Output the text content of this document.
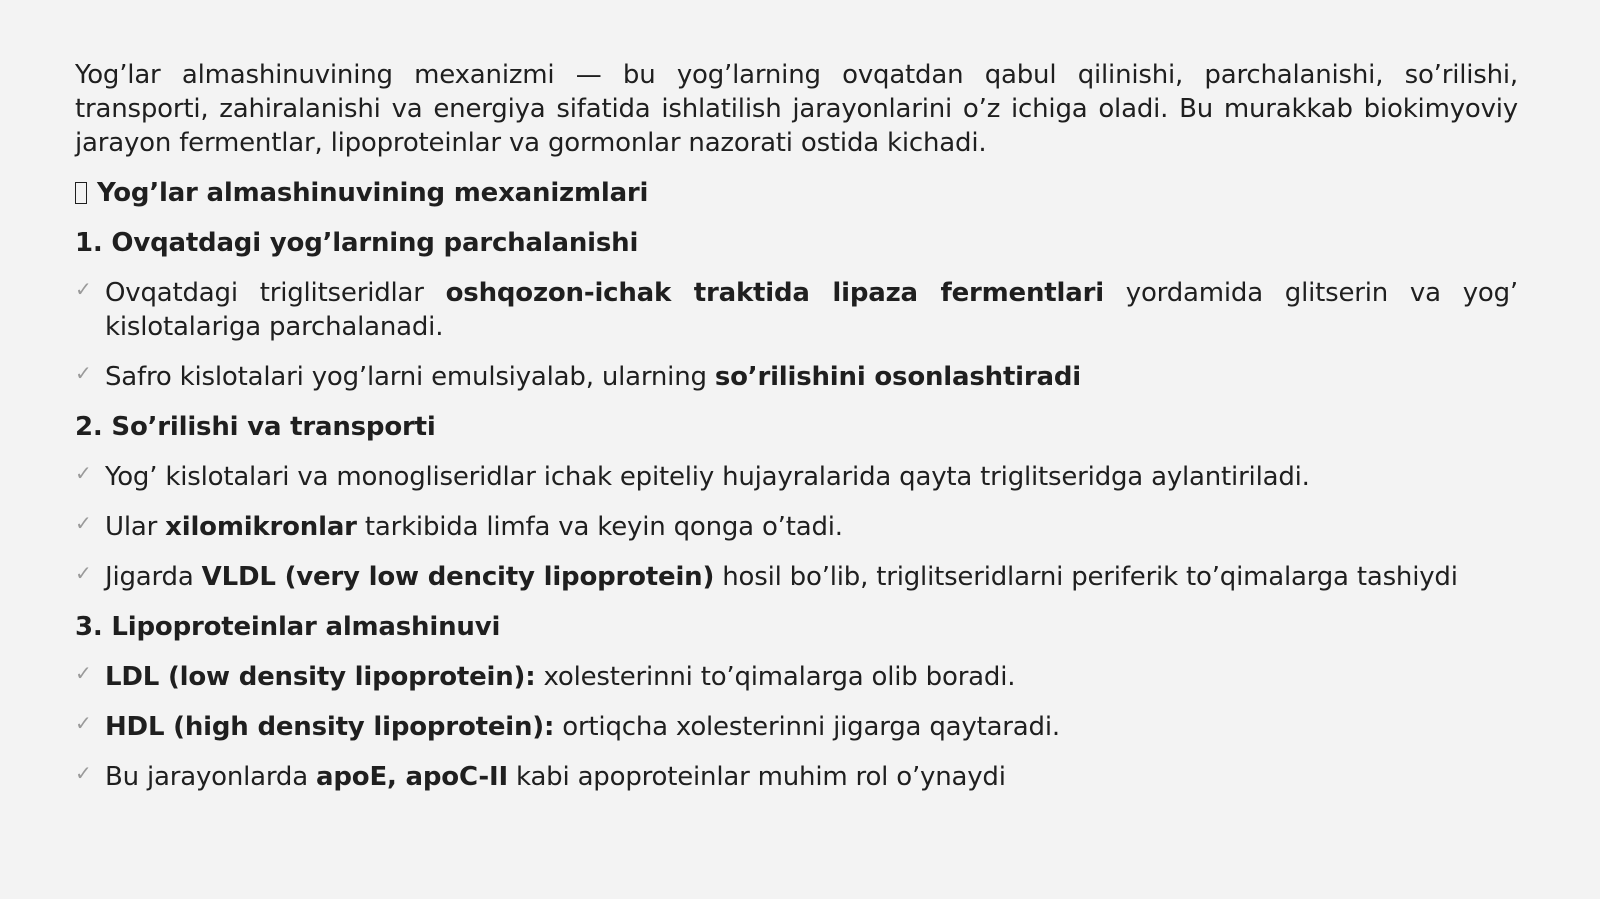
Yog’lar almashinuvining mexanizmi — bu yog’larning ovqatdan qabul qilinishi, parchalanishi, so’rilishi, transporti, zahiralanishi va energiya sifatida ishlatilish jarayonlarini o’z ichiga oladi. Bu murakkab biokimyoviy jarayon fermentlar, lipoproteinlar va gormonlar nazorati ostida kichadi.

Yog’lar almashinuvining mexanizmlari
1. Ovqatdagi yog’larning parchalanishi
✓ Ovqatdagi triglitseridlar oshqozon-ichak traktida lipaza fermentlari yordamida glitserin va yog’ kislotalariga parchalanadi.
✓ Safro kislotalari yog’larni emulsiyalab, ularning so’rilishini osonlashtiradi
2. So’rilishi va transporti
✓ Yog’ kislotalari va monogliseridlar ichak epiteliy hujayralarida qayta triglitseridga aylantiriladi.
✓ Ular xilomikronlar tarkibida limfa va keyin qonga o’tadi.
✓ Jigarda VLDL (very low dencity lipoprotein) hosil bo’lib, triglitseridlarni periferik to’qimalarga tashiydi
3. Lipoproteinlar almashinuvi
✓ LDL (low density lipoprotein): xolesterinni to’qimalarga olib boradi.
✓ HDL (high density lipoprotein): ortiqcha xolesterinni jigarga qaytaradi.
✓ Bu jarayonlarda apoE, apoC-II kabi apoproteinlar muhim rol o’ynaydi
